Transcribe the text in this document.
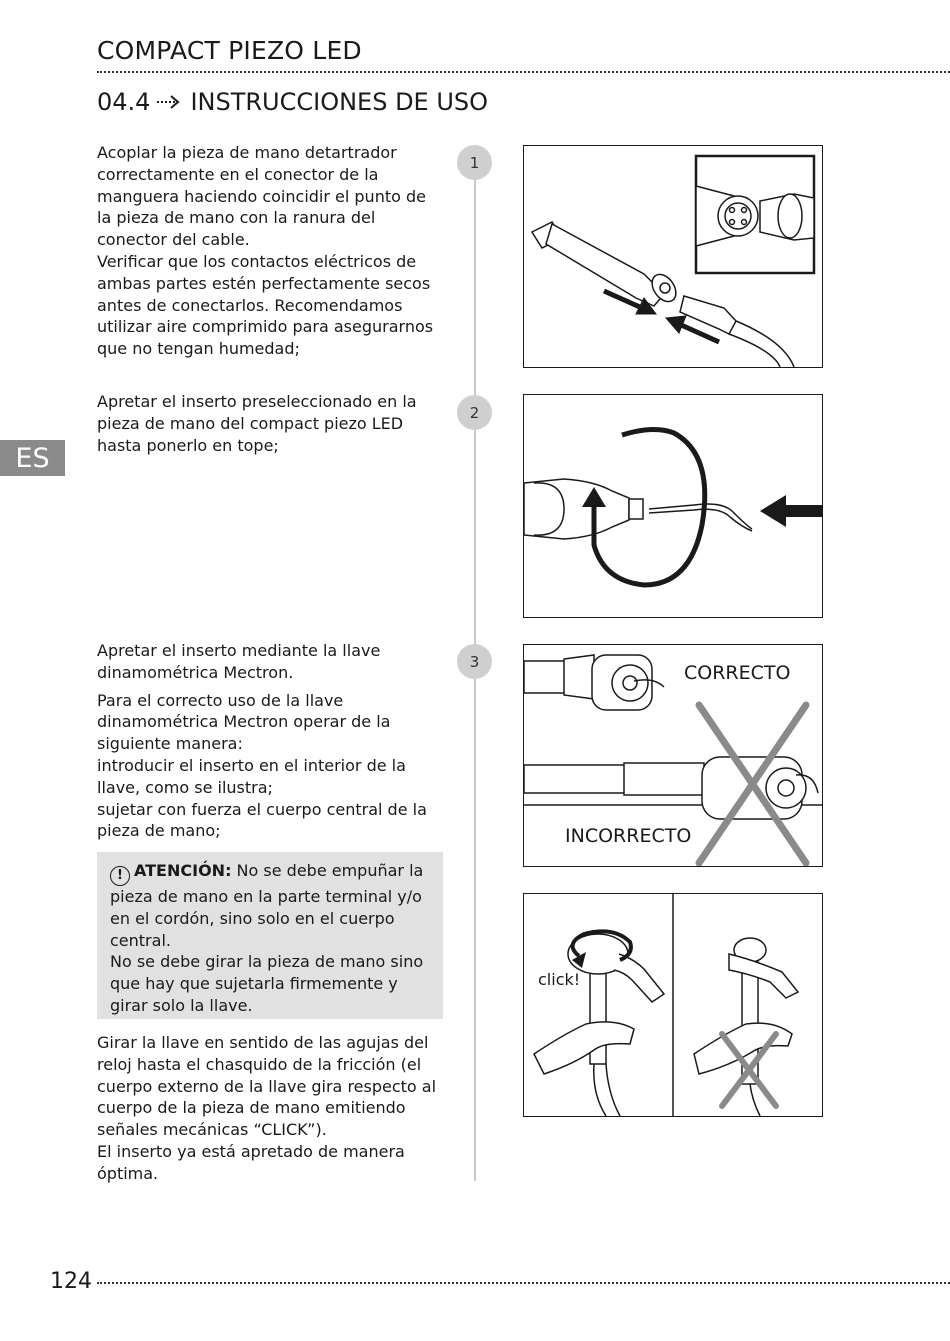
COMPACT PIEZO LED
04.4 INSTRUCCIONES DE USO
ES
1
2
3

Acoplar la pieza de mano detartrador correctamente en el conector de la manguera haciendo coincidir el punto de la pieza de mano con la ranura del conector del cable.

Verificar que los contactos eléctricos de ambas partes estén perfectamente secos antes de conectarlos. Recomendamos utilizar aire comprimido para asegurarnos que no tengan humedad;

Apretar el inserto preseleccionado en la pieza de mano del compact piezo LED hasta ponerlo en tope;

Apretar el inserto mediante la llave dinamométrica Mectron.

Para el correcto uso de la llave dinamométrica Mectron operar de la siguiente manera:

introducir el inserto en el interior de la llave, como se ilustra;

sujetar con fuerza el cuerpo central de la pieza de mano;

! ATENCIÓN: No se debe empuñar la pieza de mano en la parte terminal y/o en el cordón, sino solo en el cuerpo central.

No se debe girar la pieza de mano sino que hay que sujetarla firmemente y girar solo la llave.

Girar la llave en sentido de las agujas del reloj hasta el chasquido de la fricción (el cuerpo externo de la llave gira respecto al cuerpo de la pieza de mano emitiendo señales mecánicas “CLICK”).

El inserto ya está apretado de manera óptima.

CORRECTO
INCORRECTO
click!
124
